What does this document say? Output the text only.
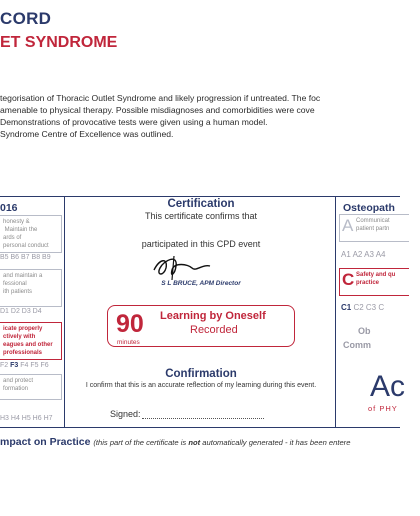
CORD
ET SYNDROME
tegorisation of Thoracic Outlet Syndrome and likely progression if untreated. The foc
amenable to physical therapy. Possible misdiagnoses and comorbidities were cove
Demonstrations of provocative tests were given using a human model.
Syndrome Centre of Excellence was outlined.
016
honesty &
Maintain the
ards of
personal conduct
B5 B6 B7 B8 B9
and maintain a
fessional
ith patients
D1 D2 D3 D4
icate properly
ctively with
eagues and other
professionals
F2 F3 F4 F5 F6
and protect
formation
H3 H4 H5 H6 H7
Certification
This certificate confirms that
participated in this CPD event
S L BRUCE, APM Director
90
minutes
Learning by Oneself
Recorded
Confirmation
I confirm that this is an accurate reflection of my learning during this event.
Signed:
Osteopath
A Communicat
patient partn
A1 A2 A3 A4
C Safety and qu
practice
C1 C2 C3 C
Ob
Comm
Ac
of PHY
mpact on Practice (this part of the certificate is not automatically generated - it has been entere
